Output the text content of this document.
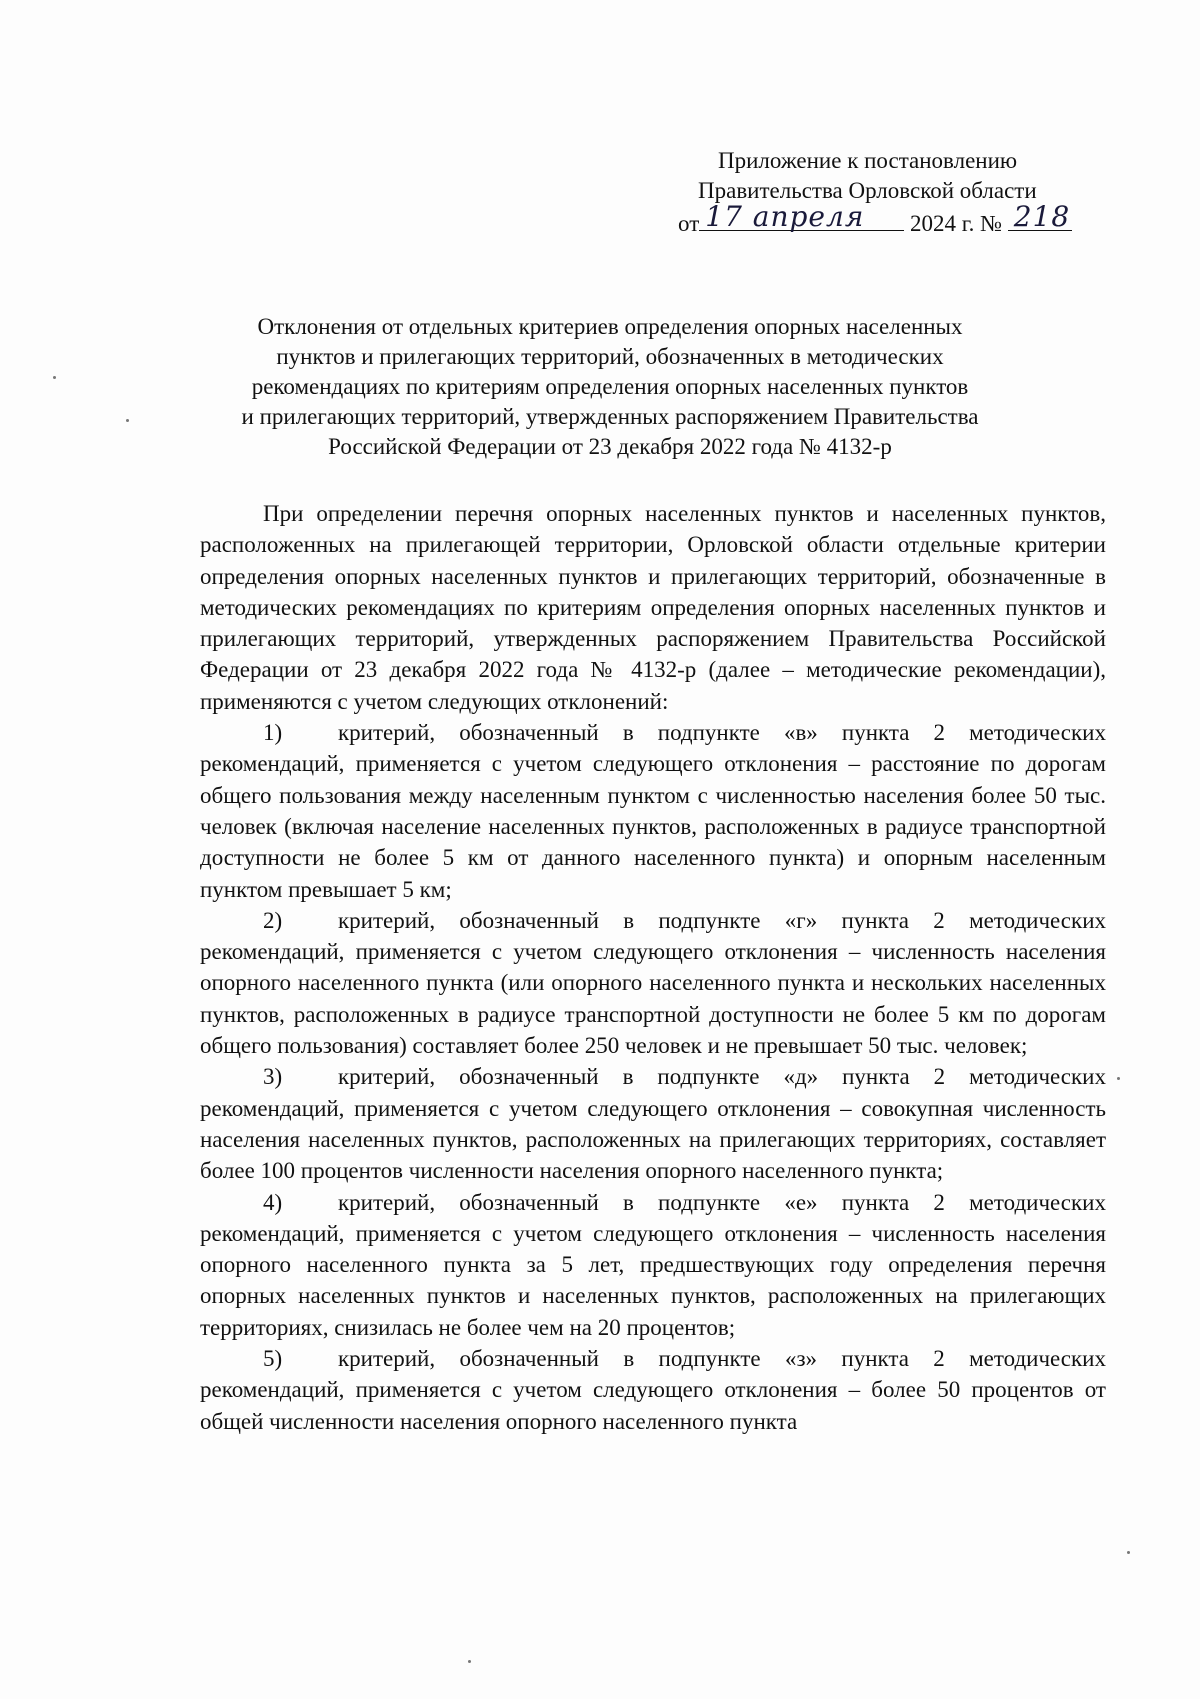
Приложение к постановлению
Правительства Орловской области
от 17 апреля 2024 г. № 218
Отклонения от отдельных критериев определения опорных населенных
пунктов и прилегающих территорий, обозначенных в методических
рекомендациях по критериям определения опорных населенных пунктов
и прилегающих территорий, утвержденных распоряжением Правительства
Российской Федерации от 23 декабря 2022 года № 4132-р

При определении перечня опорных населенных пунктов и населенных пунктов, расположенных на прилегающей территории, Орловской области отдельные критерии определения опорных населенных пунктов и прилегающих территорий, обозначенные в методических рекомендациях по критериям определения опорных населенных пунктов и прилегающих территорий, утвержденных распоряжением Правительства Российской Федерации от 23 декабря 2022 года № 4132-р (далее – методические рекомендации), применяются с учетом следующих отклонений:

1) критерий, обозначенный в подпункте «в» пункта 2 методических рекомендаций, применяется с учетом следующего отклонения – расстояние по дорогам общего пользования между населенным пунктом с численностью населения более 50 тыс. человек (включая население населенных пунктов, расположенных в радиусе транспортной доступности не более 5 км от данного населенного пункта) и опорным населенным пунктом превышает 5 км;

2) критерий, обозначенный в подпункте «г» пункта 2 методических рекомендаций, применяется с учетом следующего отклонения – численность населения опорного населенного пункта (или опорного населенного пункта и нескольких населенных пунктов, расположенных в радиусе транспортной доступности не более 5 км по дорогам общего пользования) составляет более 250 человек и не превышает 50 тыс. человек;

3) критерий, обозначенный в подпункте «д» пункта 2 методических рекомендаций, применяется с учетом следующего отклонения – совокупная численность населения населенных пунктов, расположенных на прилегающих территориях, составляет более 100 процентов численности населения опорного населенного пункта;

4) критерий, обозначенный в подпункте «е» пункта 2 методических рекомендаций, применяется с учетом следующего отклонения – численность населения опорного населенного пункта за 5 лет, предшествующих году определения перечня опорных населенных пунктов и населенных пунктов, расположенных на прилегающих территориях, снизилась не более чем на 20 процентов;

5) критерий, обозначенный в подпункте «з» пункта 2 методических рекомендаций, применяется с учетом следующего отклонения – более 50 процентов от общей численности населения опорного населенного пункта
